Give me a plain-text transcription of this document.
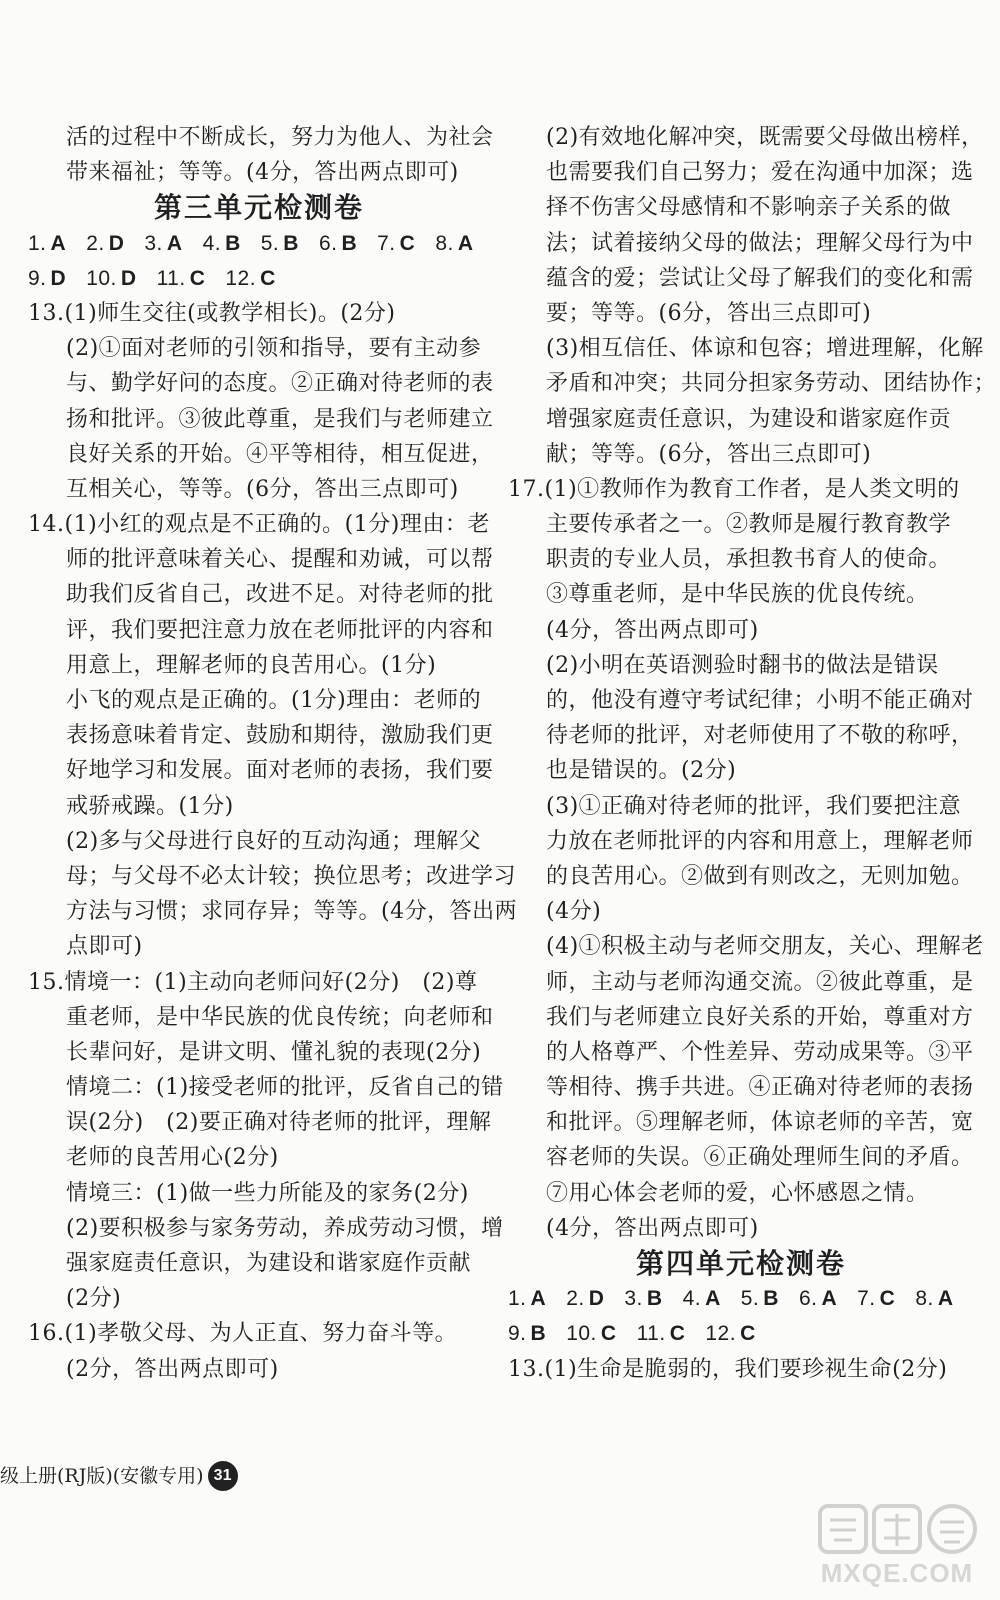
活的过程中不断成长，努力为他人、为社会
带来福祉；等等。(4分，答出两点即可)
第三单元检测卷
1. A 2. D 3. A 4. B 5. B 6. B 7. C 8. A
9. D 10. D 11. C 12. C
13.(1)师生交往(或教学相长)。(2分)
(2)①面对老师的引领和指导，要有主动参
与、勤学好问的态度。②正确对待老师的表
扬和批评。③彼此尊重，是我们与老师建立
良好关系的开始。④平等相待，相互促进，
互相关心，等等。(6分，答出三点即可)
14.(1)小红的观点是不正确的。(1分)理由：老
师的批评意味着关心、提醒和劝诫，可以帮
助我们反省自己，改进不足。对待老师的批
评，我们要把注意力放在老师批评的内容和
用意上，理解老师的良苦用心。(1分)
小飞的观点是正确的。(1分)理由：老师的
表扬意味着肯定、鼓励和期待，激励我们更
好地学习和发展。面对老师的表扬，我们要
戒骄戒躁。(1分)
(2)多与父母进行良好的互动沟通；理解父
母；与父母不必太计较；换位思考；改进学习
方法与习惯；求同存异；等等。(4分，答出两
点即可)
15.情境一：(1)主动向老师问好(2分)　(2)尊
重老师，是中华民族的优良传统；向老师和
长辈问好，是讲文明、懂礼貌的表现(2分)
情境二：(1)接受老师的批评，反省自己的错
误(2分)　(2)要正确对待老师的批评，理解
老师的良苦用心(2分)
情境三：(1)做一些力所能及的家务(2分)
(2)要积极参与家务劳动，养成劳动习惯，增
强家庭责任意识，为建设和谐家庭作贡献
(2分)
16.(1)孝敬父母、为人正直、努力奋斗等。
(2分，答出两点即可)
(2)有效地化解冲突，既需要父母做出榜样，
也需要我们自己努力；爱在沟通中加深；选
择不伤害父母感情和不影响亲子关系的做
法；试着接纳父母的做法；理解父母行为中
蕴含的爱；尝试让父母了解我们的变化和需
要；等等。(6分，答出三点即可)
(3)相互信任、体谅和包容；增进理解，化解
矛盾和冲突；共同分担家务劳动、团结协作；
增强家庭责任意识，为建设和谐家庭作贡
献；等等。(6分，答出三点即可)
17.(1)①教师作为教育工作者，是人类文明的
主要传承者之一。②教师是履行教育教学
职责的专业人员，承担教书育人的使命。
③尊重老师，是中华民族的优良传统。
(4分，答出两点即可)
(2)小明在英语测验时翻书的做法是错误
的，他没有遵守考试纪律；小明不能正确对
待老师的批评，对老师使用了不敬的称呼，
也是错误的。(2分)
(3)①正确对待老师的批评，我们要把注意
力放在老师批评的内容和用意上，理解老师
的良苦用心。②做到有则改之，无则加勉。
(4分)
(4)①积极主动与老师交朋友，关心、理解老
师，主动与老师沟通交流。②彼此尊重，是
我们与老师建立良好关系的开始，尊重对方
的人格尊严、个性差异、劳动成果等。③平
等相待、携手共进。④正确对待老师的表扬
和批评。⑤理解老师，体谅老师的辛苦，宽
容老师的失误。⑥正确处理师生间的矛盾。
⑦用心体会老师的爱，心怀感恩之情。
(4分，答出两点即可)
第四单元检测卷
1. A 2. D 3. B 4. A 5. B 6. A 7. C 8. A
9. B 10. C 11. C 12. C
13.(1)生命是脆弱的，我们要珍视生命(2分)
级上册(RJ版)(安徽专用) 31
MXQE.COM
